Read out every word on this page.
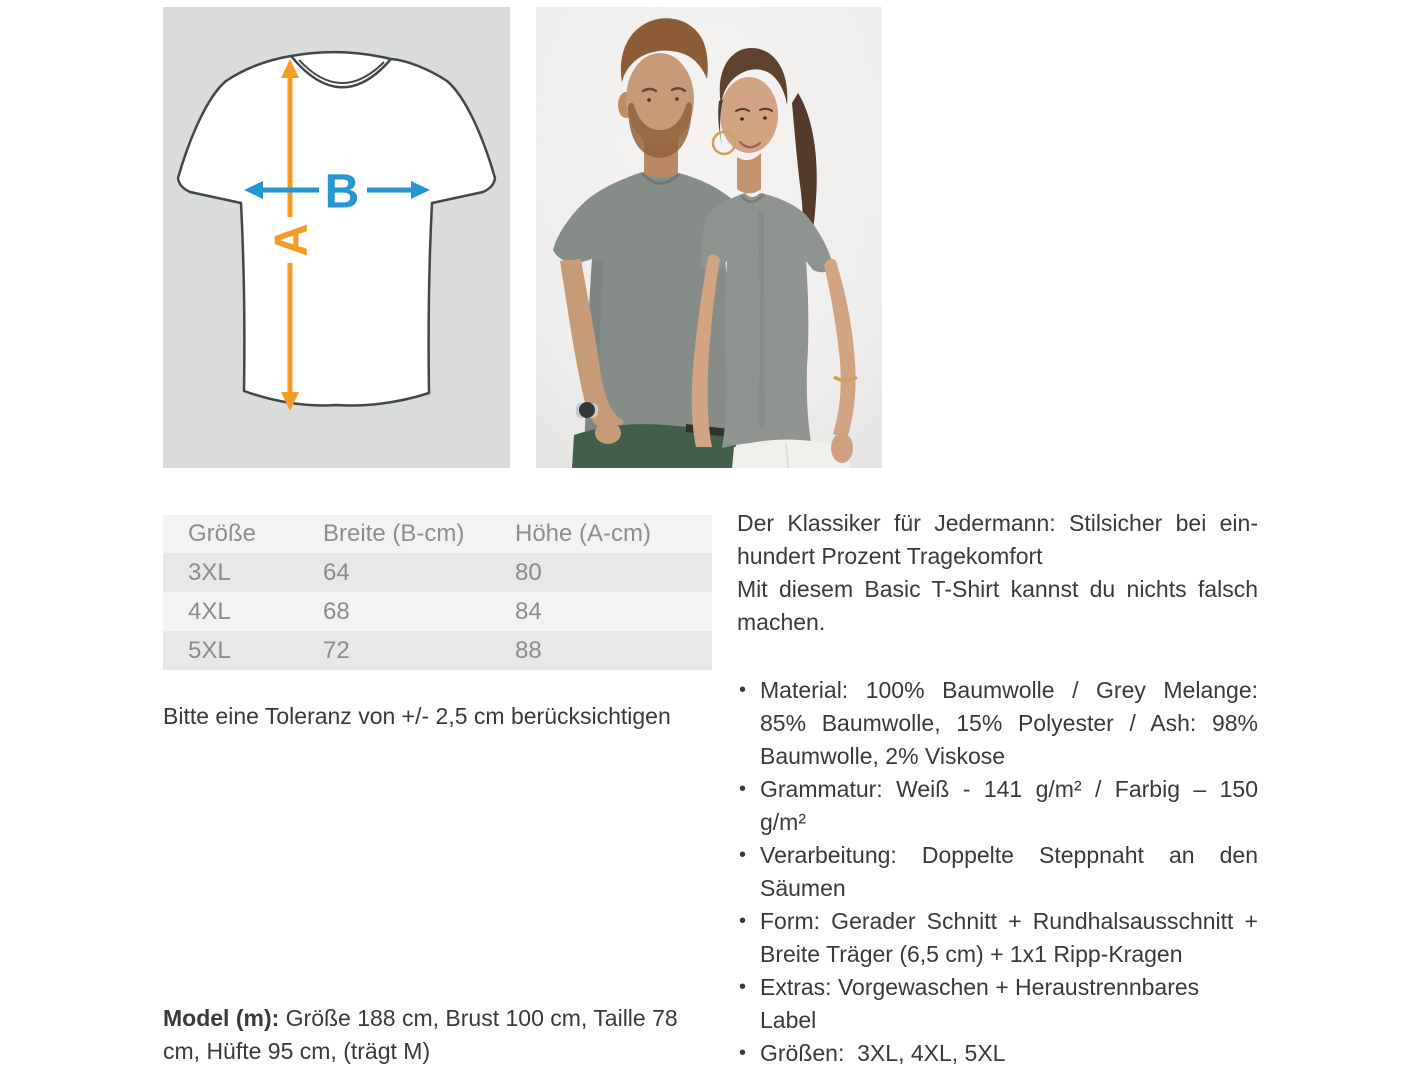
A
B
Größe	Breite (B-cm)	Höhe (A-cm)
3XL	64	80
4XL	68	84
5XL	72	88
Bitte eine Toleranz von +/- 2,5 cm berücksichtigen
Model (m): Größe 188 cm, Brust 100 cm, Taille 78
cm, Hüfte 95 cm, (trägt M)

Der Klassiker für Jedermann: Stilsicher bei ein-
hundert Prozent Tragekomfort

Mit diesem Basic T-Shirt kannst du nichts falsch
machen.

• Material: 100% Baumwolle / Grey Melange:
85% Baumwolle, 15% Polyester / Ash: 98%
Baumwolle, 2% Viskose
• Grammatur: Weiß - 141 g/m² / Farbig – 150
g/m²
• Verarbeitung: Doppelte Steppnaht an den
Säumen
• Form: Gerader Schnitt + Rundhalsausschnitt +
Breite Träger (6,5 cm) + 1x1 Ripp-Kragen
• Extras: Vorgewaschen + Heraustrennbares
Label
• Größen:  3XL, 4XL, 5XL
